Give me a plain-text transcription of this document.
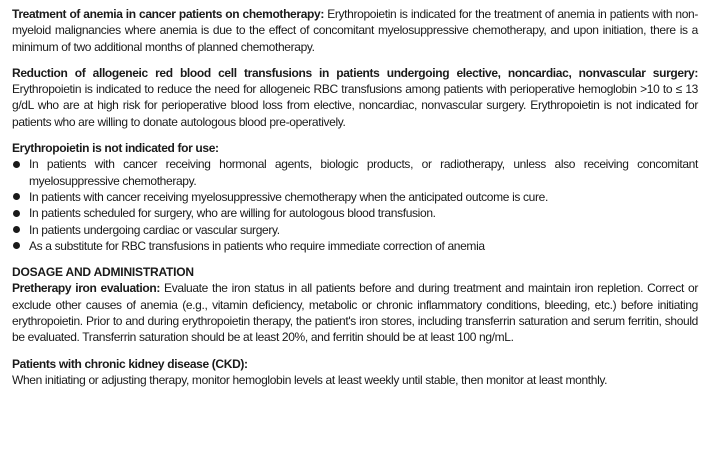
Treatment of anemia in cancer patients on chemotherapy: Erythropoietin is indicated for the treatment of anemia in patients with non-myeloid malignancies where anemia is due to the effect of concomitant myelosuppressive chemotherapy, and upon initiation, there is a minimum of two additional months of planned chemotherapy.

Reduction of allogeneic red blood cell transfusions in patients undergoing elective, noncardiac, nonvascular surgery: Erythropoietin is indicated to reduce the need for allogeneic RBC transfusions among patients with perioperative hemoglobin >10 to ≤ 13 g/dL who are at high risk for perioperative blood loss from elective, noncardiac, nonvascular surgery. Erythropoietin is not indicated for patients who are willing to donate autologous blood pre-operatively.

Erythropoietin is not indicated for use:

In patients with cancer receiving hormonal agents, biologic products, or radiotherapy, unless also receiving concomitant myelosuppressive chemotherapy.
In patients with cancer receiving myelosuppressive chemotherapy when the anticipated outcome is cure.
In patients scheduled for surgery, who are willing for autologous blood transfusion.
In patients undergoing cardiac or vascular surgery.
As a substitute for RBC transfusions in patients who require immediate correction of anemia

DOSAGE AND ADMINISTRATION

Pretherapy iron evaluation: Evaluate the iron status in all patients before and during treatment and maintain iron repletion. Correct or exclude other causes of anemia (e.g., vitamin deficiency, metabolic or chronic inflammatory conditions, bleeding, etc.) before initiating erythropoietin. Prior to and during erythropoietin therapy, the patient's iron stores, including transferrin saturation and serum ferritin, should be evaluated. Transferrin saturation should be at least 20%, and ferritin should be at least 100 ng/mL.

Patients with chronic kidney disease (CKD):

When initiating or adjusting therapy, monitor hemoglobin levels at least weekly until stable, then monitor at least monthly.
